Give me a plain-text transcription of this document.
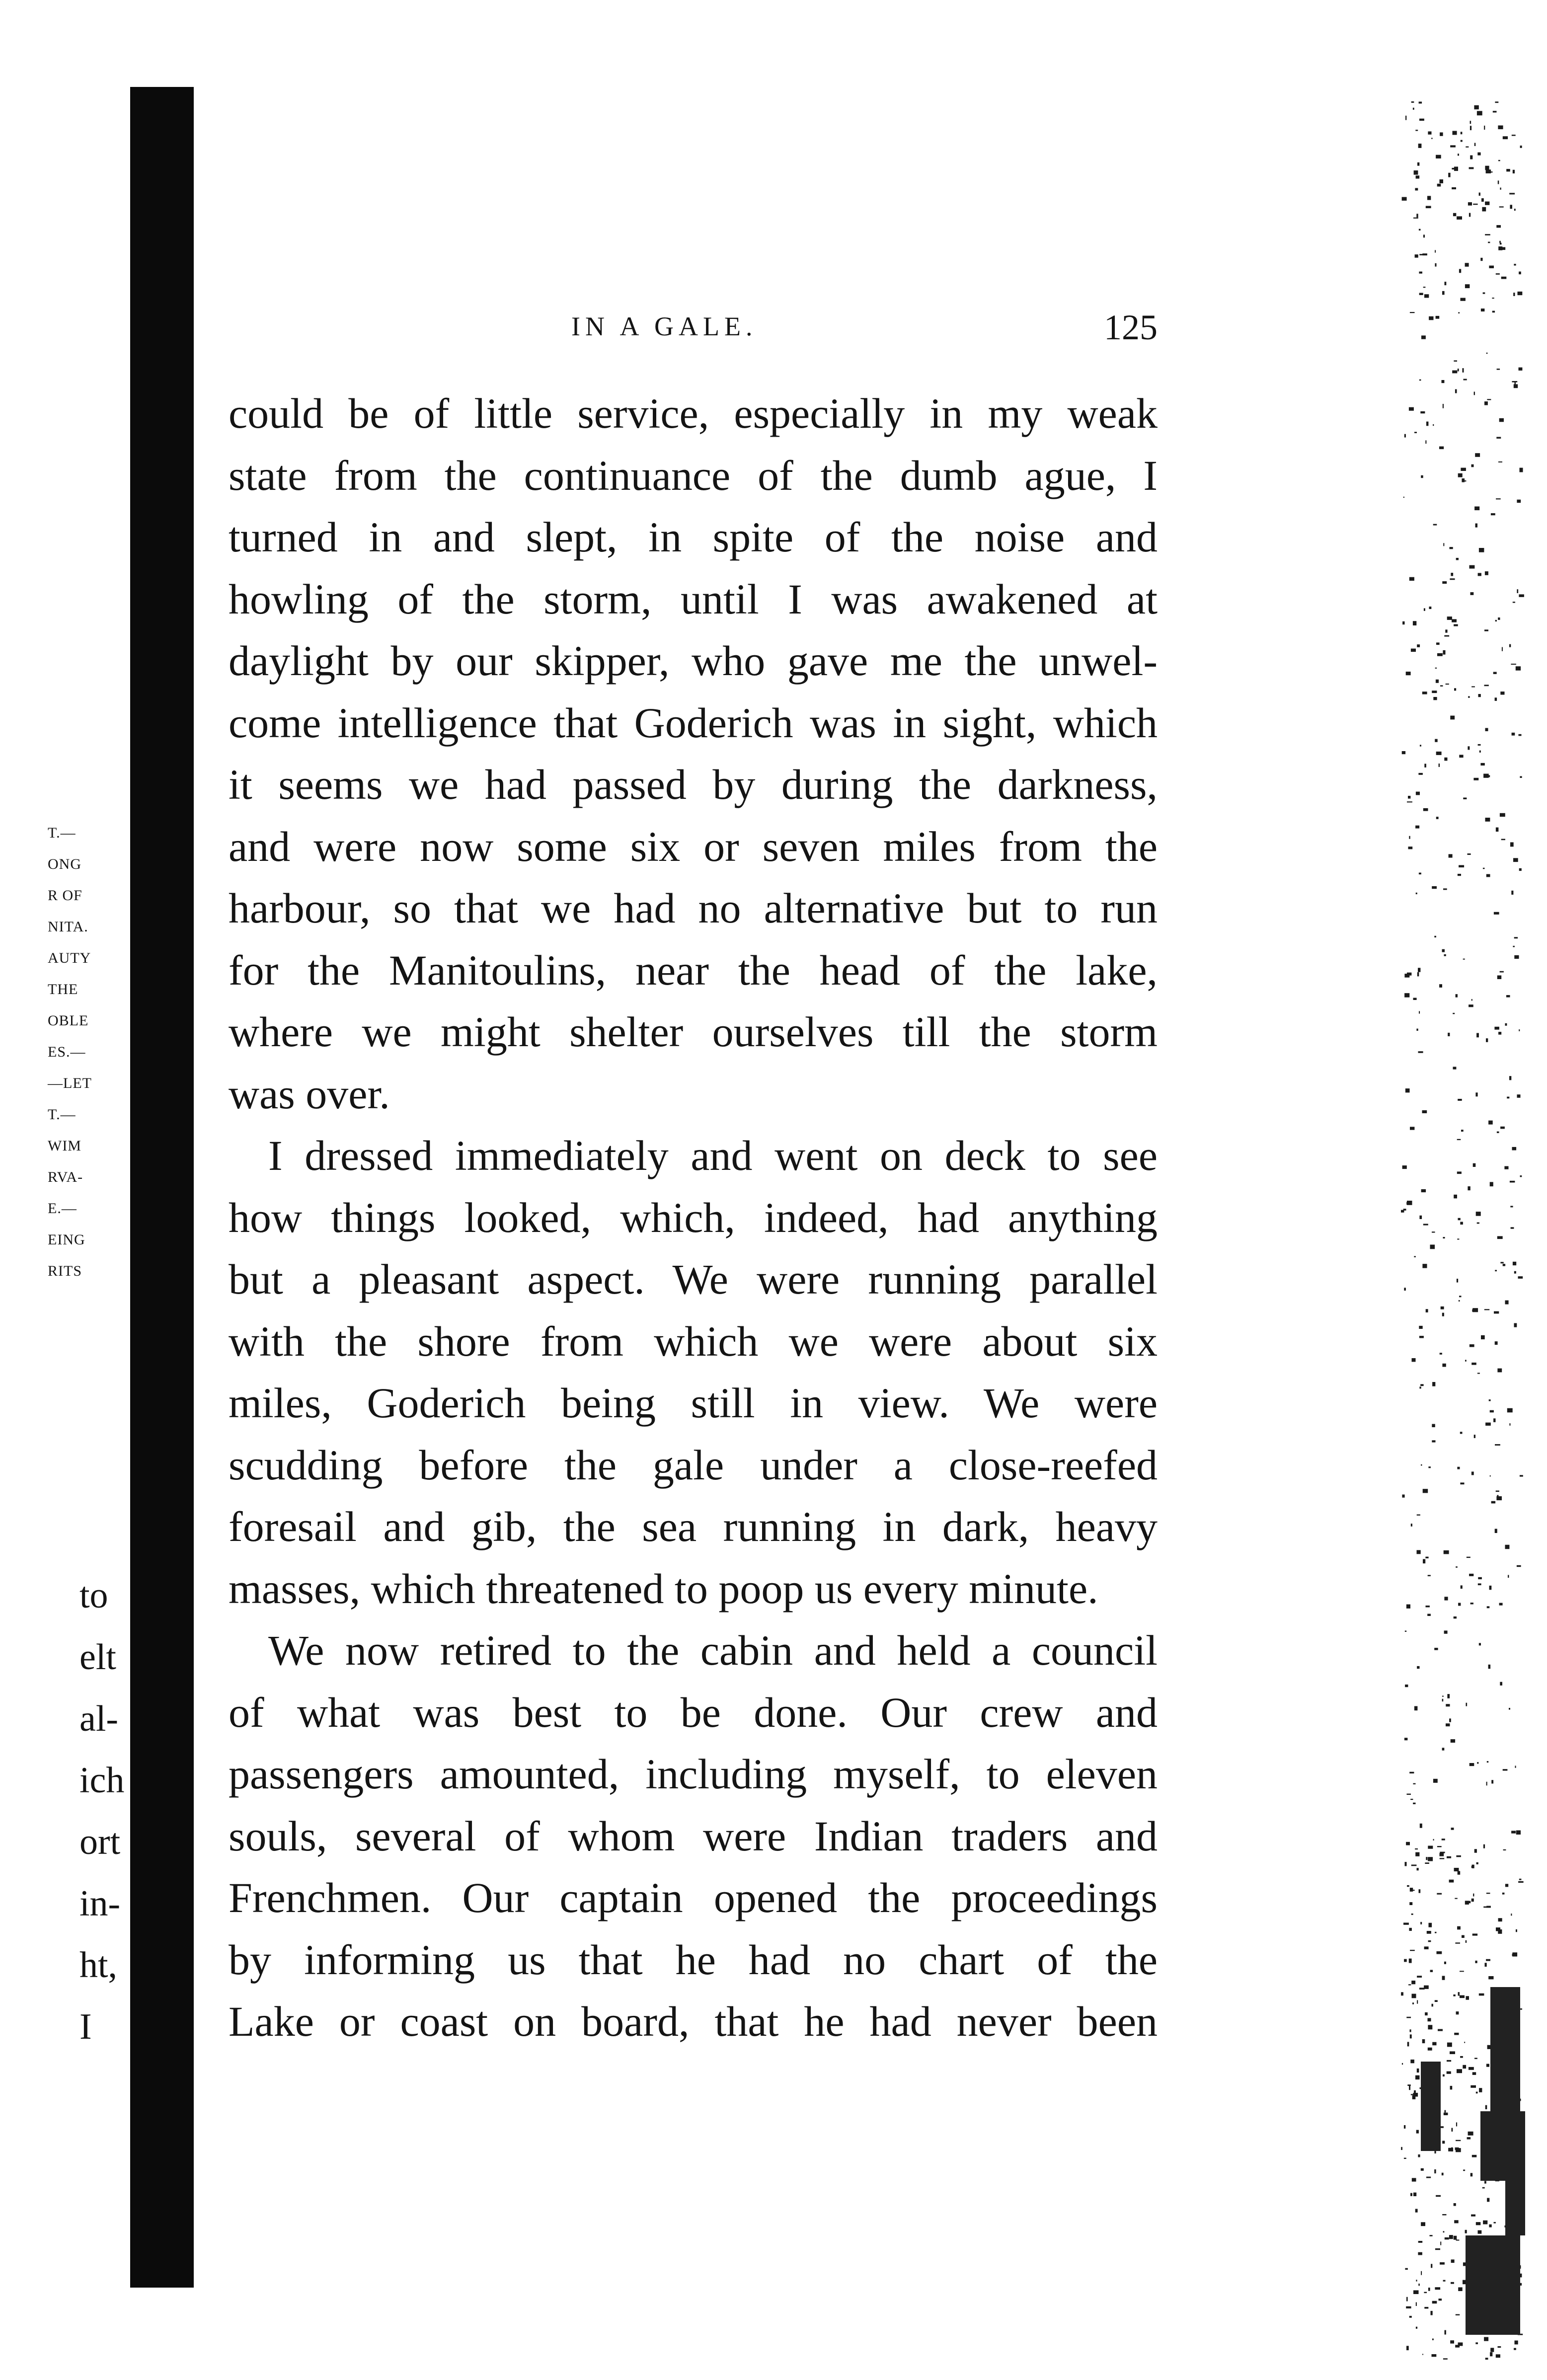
T.—
ONG
R OF
NITA.
AUTY
THE
OBLE
ES.—
—LET
T.—
WIM
RVA-
E.—
EING
RITS
to
elt
al-
ich
ort
in-
ht,
I
IN A GALE.	125
could be of little service, especially in my weak
state from the continuance of the dumb ague, I
turned in and slept, in spite of the noise and
howling of the storm, until I was awakened at
daylight by our skipper, who gave me the unwel-
come intelligence that Goderich was in sight, which
it seems we had passed by during the darkness,
and were now some six or seven miles from the
harbour, so that we had no alternative but to run
for the Manitoulins, near the head of the lake,
where we might shelter ourselves till the storm
was over.
I dressed immediately and went on deck to see
how things looked, which, indeed, had anything
but a pleasant aspect. We were running parallel
with the shore from which we were about six
miles, Goderich being still in view. We were
scudding before the gale under a close-reefed
foresail and gib, the sea running in dark, heavy
masses, which threatened to poop us every minute.
We now retired to the cabin and held a council
of what was best to be done. Our crew and
passengers amounted, including myself, to eleven
souls, several of whom were Indian traders and
Frenchmen. Our captain opened the proceedings
by informing us that he had no chart of the
Lake or coast on board, that he had never been
